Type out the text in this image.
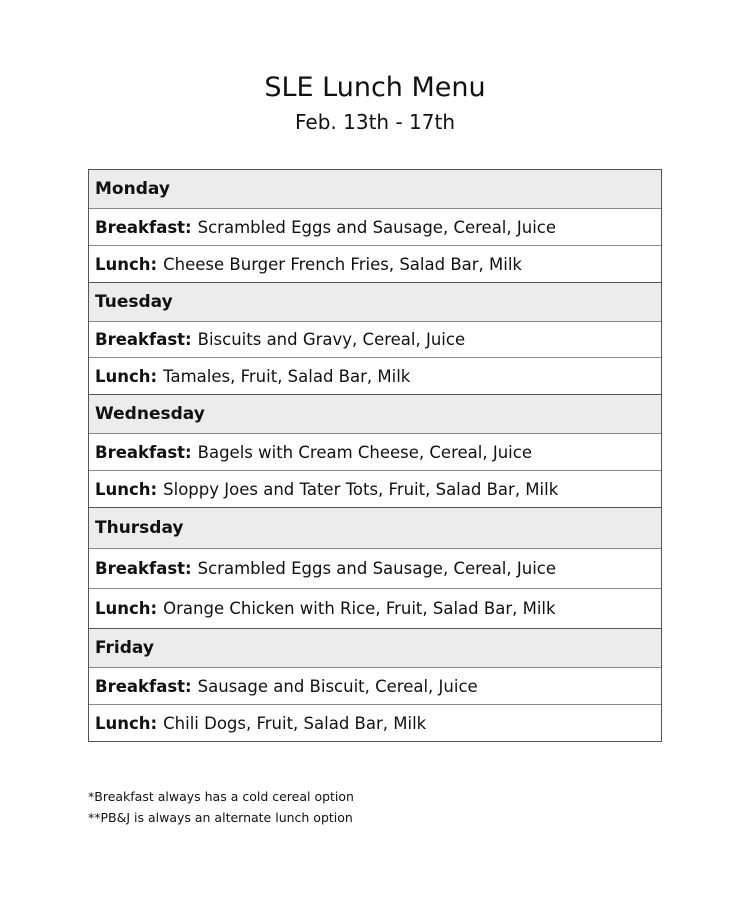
SLE Lunch Menu
Feb. 13th - 17th
Monday
Breakfast: Scrambled Eggs and Sausage, Cereal, Juice
Lunch: Cheese Burger French Fries, Salad Bar, Milk
Tuesday
Breakfast: Biscuits and Gravy, Cereal, Juice
Lunch: Tamales, Fruit, Salad Bar, Milk
Wednesday
Breakfast: Bagels with Cream Cheese, Cereal, Juice
Lunch: Sloppy Joes and Tater Tots, Fruit, Salad Bar, Milk
Thursday
Breakfast: Scrambled Eggs and Sausage, Cereal, Juice
Lunch: Orange Chicken with Rice, Fruit, Salad Bar, Milk
Friday
Breakfast: Sausage and Biscuit, Cereal, Juice
Lunch: Chili Dogs, Fruit, Salad Bar, Milk
*Breakfast always has a cold cereal option
**PB&J is always an alternate lunch option
